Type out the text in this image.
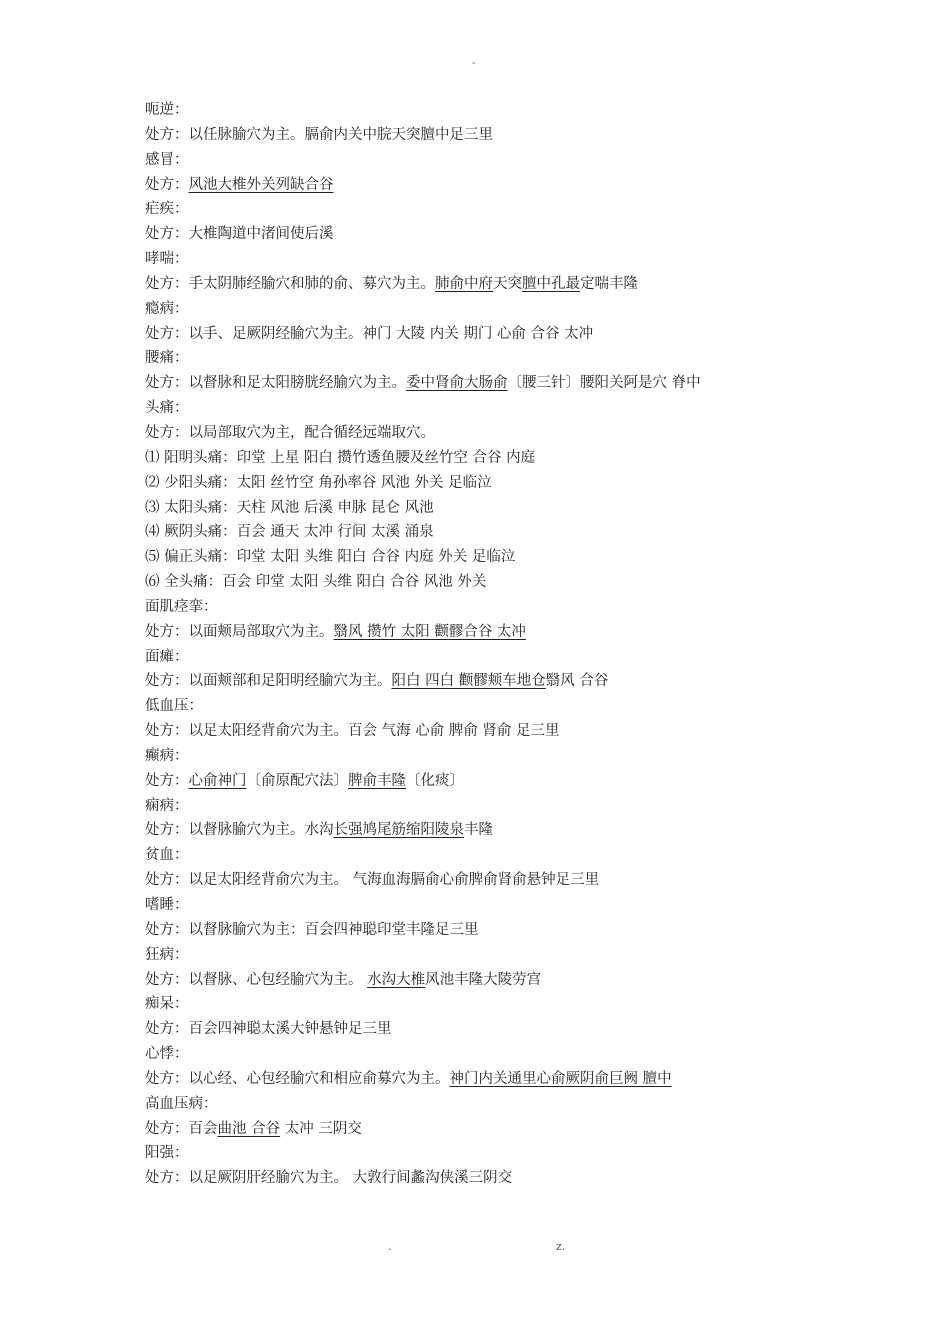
-
呃逆：
处方：以任脉腧穴为主。膈俞内关中脘天突膻中足三里
感冒：
处方：风池大椎外关列缺合谷
疟疾：
处方：大椎陶道中渚间使后溪
哮喘：
处方：手太阴肺经腧穴和肺的俞、募穴为主。肺俞中府天突膻中孔最定喘丰隆
瘾病：
处方：以手、足厥阴经腧穴为主。神门 大陵 内关 期门 心俞 合谷 太冲
腰痛：
处方：以督脉和足太阳膀胱经腧穴为主。委中肾俞大肠俞〔腰三针〕腰阳关阿是穴 脊中
头痛：
处方：以局部取穴为主，配合循经远端取穴。
⑴ 阳明头痛：印堂 上星 阳白 攒竹透鱼腰及丝竹空 合谷 内庭
⑵ 少阳头痛：太阳 丝竹空 角孙率谷 风池 外关 足临泣
⑶ 太阳头痛：天柱 风池 后溪 申脉 昆仑 风池
⑷ 厥阴头痛：百会 通天 太冲 行间 太溪 涌泉
⑸ 偏正头痛：印堂 太阳 头维 阳白 合谷 内庭 外关 足临泣
⑹ 全头痛：百会 印堂 太阳 头维 阳白 合谷 风池 外关
面肌痉挛：
处方：以面颊局部取穴为主。翳风 攒竹 太阳 颧髎合谷 太冲
面瘫：
处方：以面颊部和足阳明经腧穴为主。阳白 四白 颧髎颊车地仓翳风 合谷
低血压：
处方：以足太阳经背俞穴为主。百会 气海 心俞 脾俞 肾俞 足三里
癫病：
处方：心俞神门〔俞原配穴法〕脾俞丰隆〔化痰〕
痫病：
处方：以督脉腧穴为主。水沟长强鸠尾筋缩阳陵泉丰隆
贫血：
处方：以足太阳经背俞穴为主。 气海血海膈俞心俞脾俞肾俞悬钟足三里
嗜睡：
处方：以督脉腧穴为主：百会四神聪印堂丰隆足三里
狂病：
处方：以督脉、心包经腧穴为主。 水沟大椎风池丰隆大陵劳宫
痴呆：
处方：百会四神聪太溪大钟悬钟足三里
心悸：
处方：以心经、心包经腧穴和相应俞募穴为主。神门内关通里心俞厥阴俞巨阙 膻中
高血压病：
处方：百会曲池 合谷 太冲 三阴交
阳强：
处方：以足厥阴肝经腧穴为主。 大敦行间蠡沟侠溪三阴交
.	z.
